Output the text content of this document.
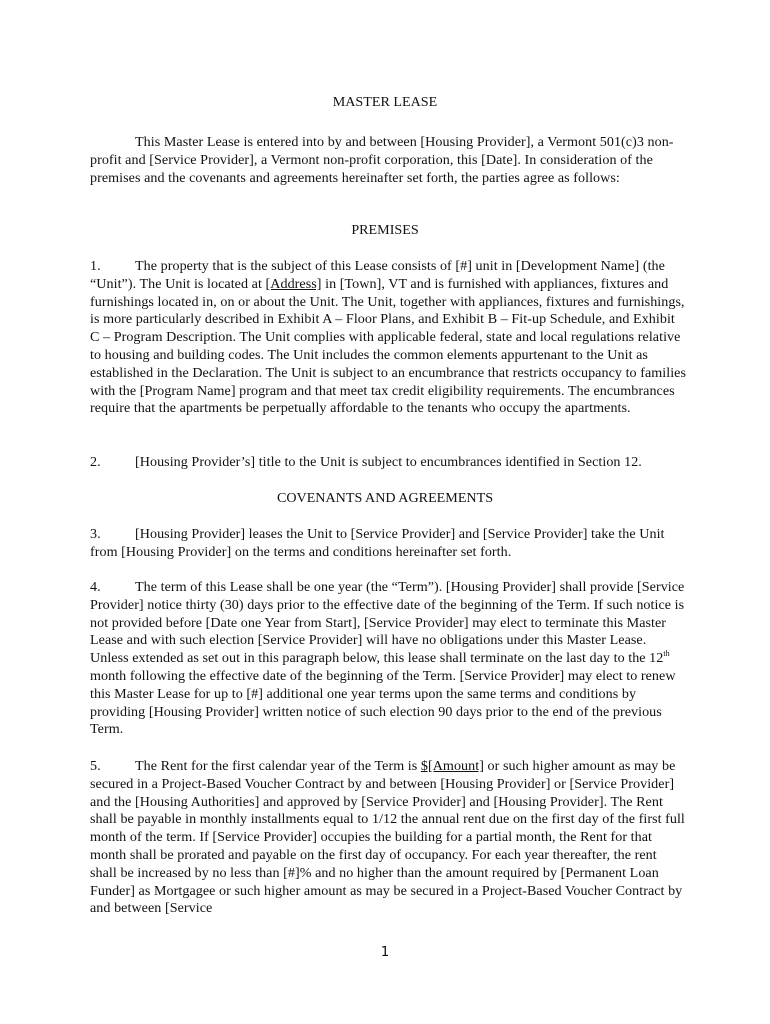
MASTER LEASE

This Master Lease is entered into by and between [Housing Provider], a Vermont 501(c)3 non-profit and [Service Provider], a Vermont non-profit corporation, this [Date]. In consideration of the premises and the covenants and agreements hereinafter set forth, the parties agree as follows:

PREMISES

1. The property that is the subject of this Lease consists of [#] unit in [Development Name] (the “Unit”). The Unit is located at [Address] in [Town], VT and is furnished with appliances, fixtures and furnishings located in, on or about the Unit. The Unit, together with appliances, fixtures and furnishings, is more particularly described in Exhibit A – Floor Plans, and Exhibit B – Fit-up Schedule, and Exhibit C – Program Description. The Unit complies with applicable federal, state and local regulations relative to housing and building codes. The Unit includes the common elements appurtenant to the Unit as established in the Declaration. The Unit is subject to an encumbrance that restricts occupancy to families with the [Program Name] program and that meet tax credit eligibility requirements. The encumbrances require that the apartments be perpetually affordable to the tenants who occupy the apartments.

2. [Housing Provider’s] title to the Unit is subject to encumbrances identified in Section 12.

COVENANTS AND AGREEMENTS

3. [Housing Provider] leases the Unit to [Service Provider] and [Service Provider] take the Unit from [Housing Provider] on the terms and conditions hereinafter set forth.

4. The term of this Lease shall be one year (the “Term”). [Housing Provider] shall provide [Service Provider] notice thirty (30) days prior to the effective date of the beginning of the Term. If such notice is not provided before [Date one Year from Start], [Service Provider] may elect to terminate this Master Lease and with such election [Service Provider] will have no obligations under this Master Lease. Unless extended as set out in this paragraph below, this lease shall terminate on the last day to the 12th month following the effective date of the beginning of the Term. [Service Provider] may elect to renew this Master Lease for up to [#] additional one year terms upon the same terms and conditions by providing [Housing Provider] written notice of such election 90 days prior to the end of the previous Term.

5. The Rent for the first calendar year of the Term is $[Amount] or such higher amount as may be secured in a Project-Based Voucher Contract by and between [Housing Provider] or [Service Provider] and the [Housing Authorities] and approved by [Service Provider] and [Housing Provider]. The Rent shall be payable in monthly installments equal to 1/12 the annual rent due on the first day of the first full month of the term. If [Service Provider] occupies the building for a partial month, the Rent for that month shall be prorated and payable on the first day of occupancy. For each year thereafter, the rent shall be increased by no less than [#]% and no higher than the amount required by [Permanent Loan Funder] as Mortgagee or such higher amount as may be secured in a Project-Based Voucher Contract by and between [Service

1
